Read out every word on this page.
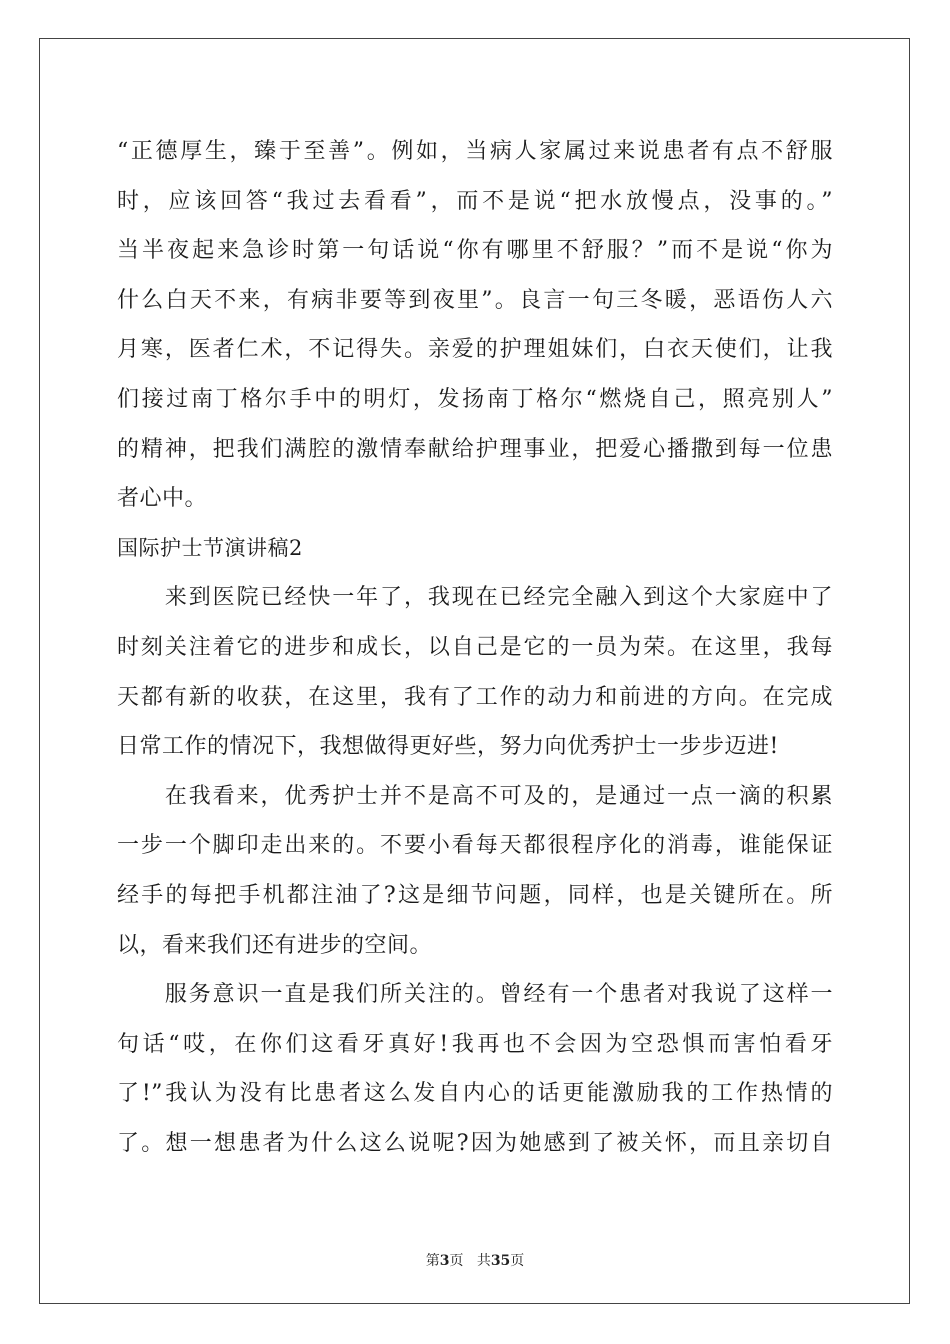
“正德厚生，臻于至善”。例如，当病人家属过来说患者有点不舒服
时，应该回答“我过去看看”，而不是说“把水放慢点，没事的。”
当半夜起来急诊时第一句话说“你有哪里不舒服？”而不是说“你为
什么白天不来，有病非要等到夜里”。良言一句三冬暖，恶语伤人六
月寒，医者仁术，不记得失。亲爱的护理姐妹们，白衣天使们，让我
们接过南丁格尔手中的明灯，发扬南丁格尔“燃烧自己，照亮别人”
的精神，把我们满腔的激情奉献给护理事业，把爱心播撒到每一位患
者心中。
国际护士节演讲稿2
　　来到医院已经快一年了，我现在已经完全融入到这个大家庭中了
时刻关注着它的进步和成长，以自己是它的一员为荣。在这里，我每
天都有新的收获，在这里，我有了工作的动力和前进的方向。在完成
日常工作的情况下，我想做得更好些，努力向优秀护士一步步迈进!
　　在我看来，优秀护士并不是高不可及的，是通过一点一滴的积累
一步一个脚印走出来的。不要小看每天都很程序化的消毒，谁能保证
经手的每把手机都注油了?这是细节问题，同样，也是关键所在。所
以，看来我们还有进步的空间。
　　服务意识一直是我们所关注的。曾经有一个患者对我说了这样一
句话“哎，在你们这看牙真好!我再也不会因为空恐惧而害怕看牙
了!”我认为没有比患者这么发自内心的话更能激励我的工作热情的
了。想一想患者为什么这么说呢?因为她感到了被关怀，而且亲切自
第3页 共35页
